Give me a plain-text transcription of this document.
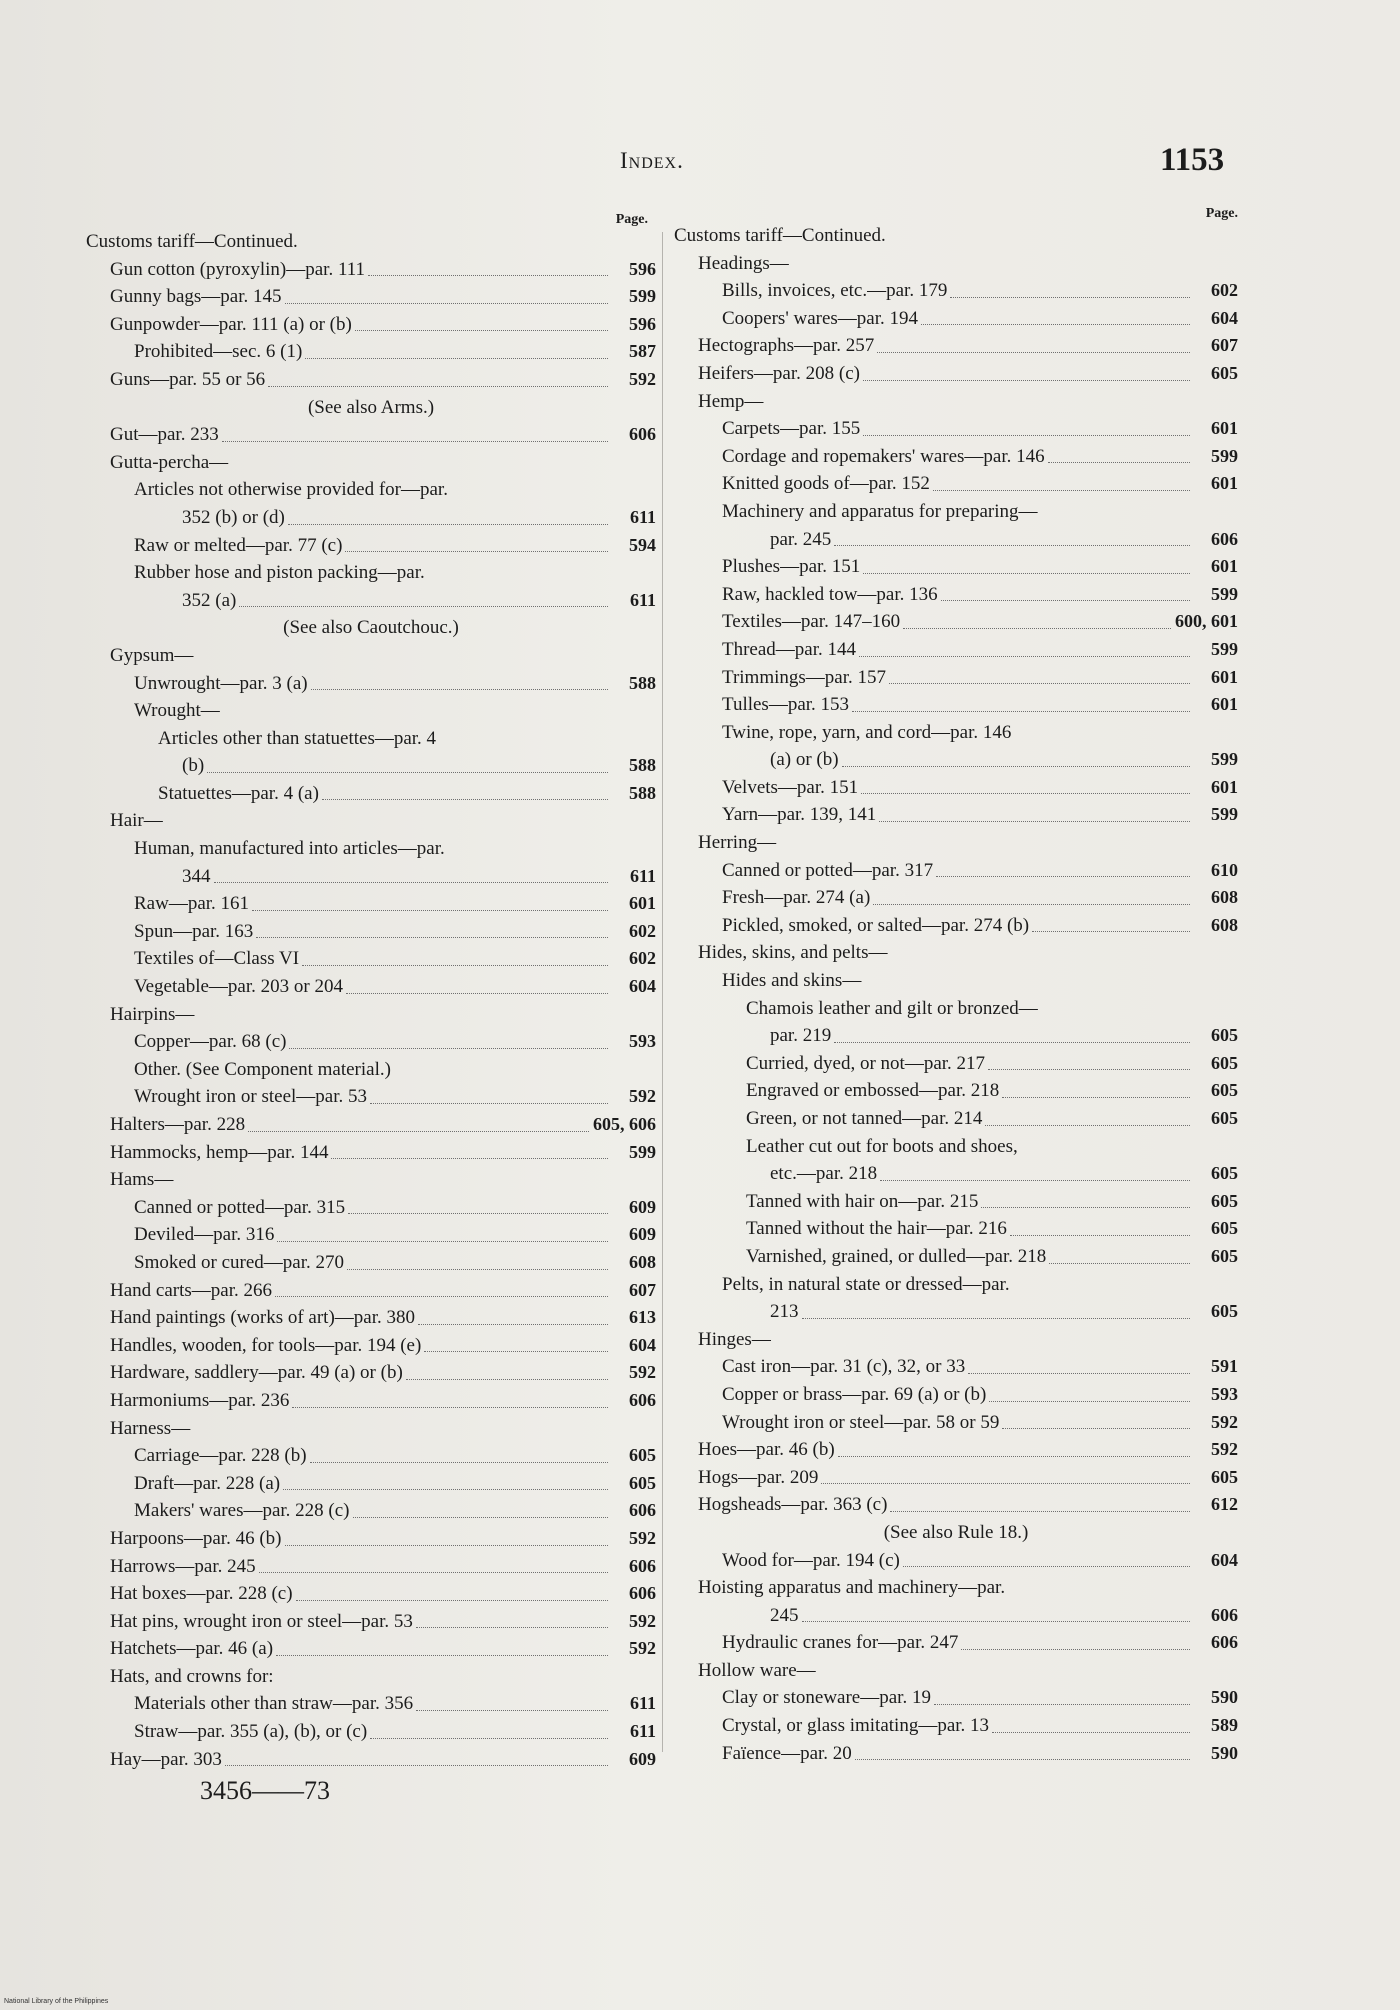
Index.	1153
Page.
Customs tariff—Continued.
Gun cotton (pyroxylin)—par. 111	596
Gunny bags—par. 145	599
Gunpowder—par. 111 (a) or (b)	596
Prohibited—sec. 6 (1)	587
Guns—par. 55 or 56	592
(See also Arms.)
Gut—par. 233	606
Gutta-percha—
Articles not otherwise provided for—par.
352 (b) or (d)	611
Raw or melted—par. 77 (c)	594
Rubber hose and piston packing—par.
352 (a)	611
(See also Caoutchouc.)
Gypsum—
Unwrought—par. 3 (a)	588
Wrought—
Articles other than statuettes—par. 4
(b)	588
Statuettes—par. 4 (a)	588
Hair—
Human, manufactured into articles—par.
344	611
Raw—par. 161	601
Spun—par. 163	602
Textiles of—Class VI	602
Vegetable—par. 203 or 204	604
Hairpins—
Copper—par. 68 (c)	593
Other. (See Component material.)
Wrought iron or steel—par. 53	592
Halters—par. 228	605, 606
Hammocks, hemp—par. 144	599
Hams—
Canned or potted—par. 315	609
Deviled—par. 316	609
Smoked or cured—par. 270	608
Hand carts—par. 266	607
Hand paintings (works of art)—par. 380	613
Handles, wooden, for tools—par. 194 (e)	604
Hardware, saddlery—par. 49 (a) or (b)	592
Harmoniums—par. 236	606
Harness—
Carriage—par. 228 (b)	605
Draft—par. 228 (a)	605
Makers' wares—par. 228 (c)	606
Harpoons—par. 46 (b)	592
Harrows—par. 245	606
Hat boxes—par. 228 (c)	606
Hat pins, wrought iron or steel—par. 53	592
Hatchets—par. 46 (a)	592
Hats, and crowns for:
Materials other than straw—par. 356	611
Straw—par. 355 (a), (b), or (c)	611
Hay—par. 303	609
Page.
Customs tariff—Continued.
Headings—
Bills, invoices, etc.—par. 179	602
Coopers' wares—par. 194	604
Hectographs—par. 257	607
Heifers—par. 208 (c)	605
Hemp—
Carpets—par. 155	601
Cordage and ropemakers' wares—par. 146	599
Knitted goods of—par. 152	601
Machinery and apparatus for preparing—
par. 245	606
Plushes—par. 151	601
Raw, hackled tow—par. 136	599
Textiles—par. 147–160	600, 601
Thread—par. 144	599
Trimmings—par. 157	601
Tulles—par. 153	601
Twine, rope, yarn, and cord—par. 146
(a) or (b)	599
Velvets—par. 151	601
Yarn—par. 139, 141	599
Herring—
Canned or potted—par. 317	610
Fresh—par. 274 (a)	608
Pickled, smoked, or salted—par. 274 (b)	608
Hides, skins, and pelts—
Hides and skins—
Chamois leather and gilt or bronzed—
par. 219	605
Curried, dyed, or not—par. 217	605
Engraved or embossed—par. 218	605
Green, or not tanned—par. 214	605
Leather cut out for boots and shoes,
etc.—par. 218	605
Tanned with hair on—par. 215	605
Tanned without the hair—par. 216	605
Varnished, grained, or dulled—par. 218	605
Pelts, in natural state or dressed—par.
213	605
Hinges—
Cast iron—par. 31 (c), 32, or 33	591
Copper or brass—par. 69 (a) or (b)	593
Wrought iron or steel—par. 58 or 59	592
Hoes—par. 46 (b)	592
Hogs—par. 209	605
Hogsheads—par. 363 (c)	612
(See also Rule 18.)
Wood for—par. 194 (c)	604
Hoisting apparatus and machinery—par.
245	606
Hydraulic cranes for—par. 247	606
Hollow ware—
Clay or stoneware—par. 19	590
Crystal, or glass imitating—par. 13	589
Faïence—par. 20	590
3456——73
National Library of the Philippines
